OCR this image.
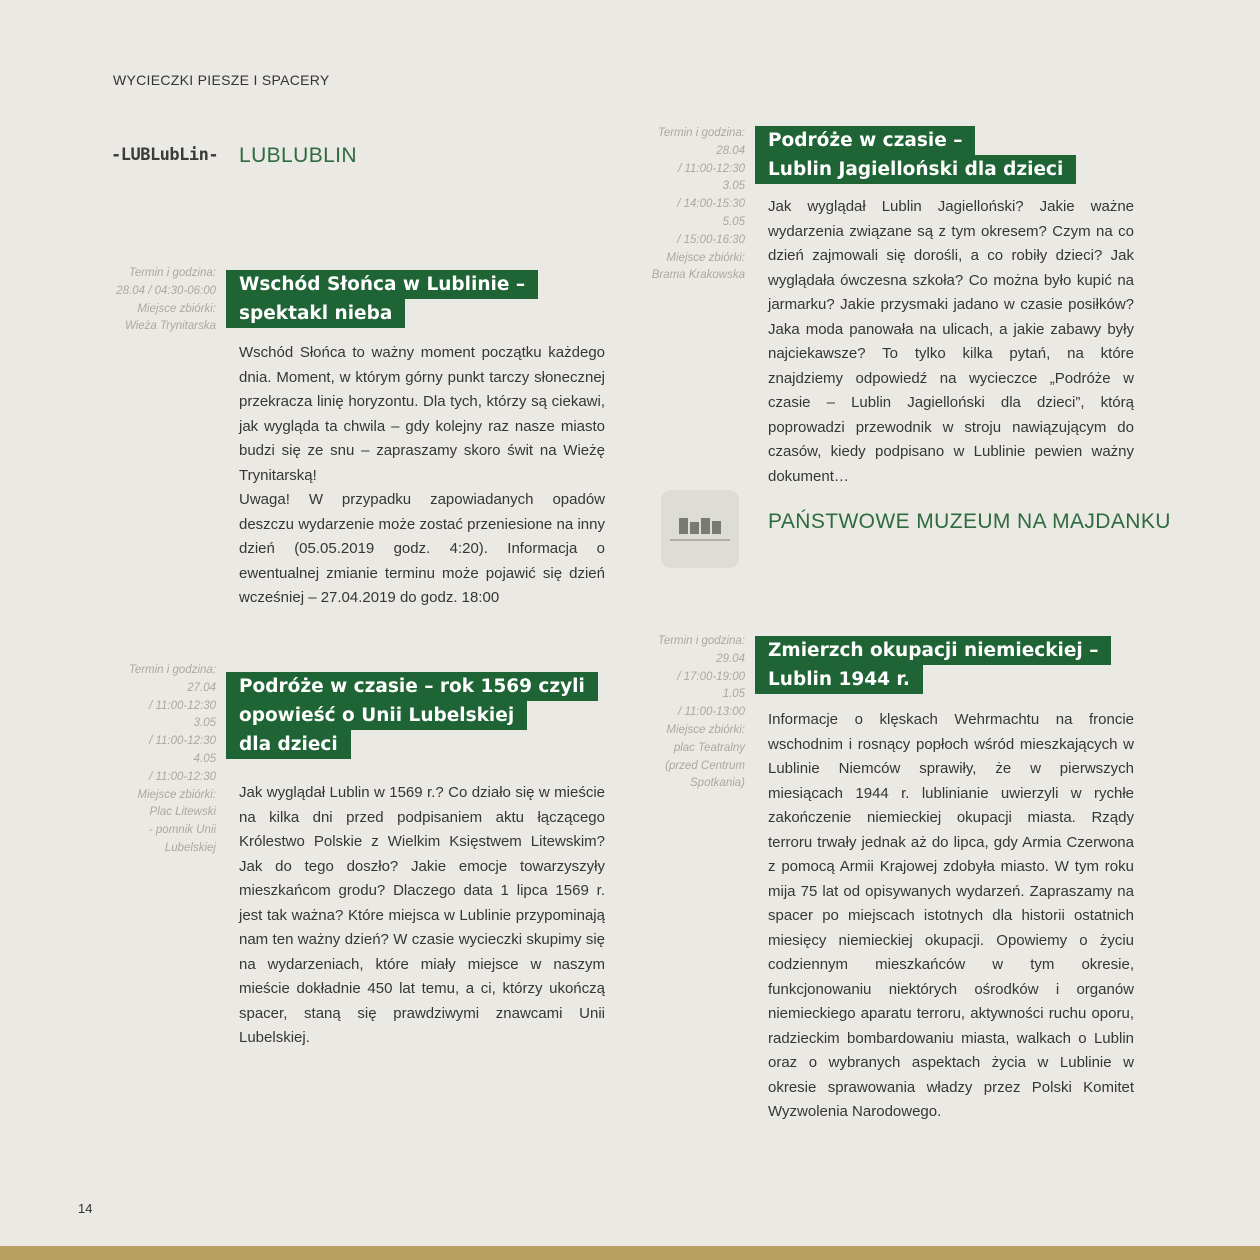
WYCIECZKI PIESZE I SPACERY
-LUBLubLin- LUBLUBLIN
Termin i godzina:
28.04 / 04:30-06:00
Miejsce zbiórki:
Wieża Trynitarska
Wschód Słońca w Lublinie –
spektakl nieba

Wschód Słońca to ważny moment początku każdego dnia. Moment, w którym górny punkt tarczy słonecznej przekracza linię horyzontu. Dla tych, którzy są ciekawi, jak wygląda ta chwila – gdy kolejny raz nasze miasto budzi się ze snu – zapraszamy skoro świt na Wieżę Trynitarską!

Uwaga! W przypadku zapowiadanych opadów deszczu wydarzenie może zostać przeniesione na inny dzień (05.05.2019 godz. 4:20). Informacja o ewentualnej zmianie terminu może pojawić się dzień wcześniej – 27.04.2019 do godz. 18:00

Termin i godzina:
27.04
/ 11:00-12:30
3.05
/ 11:00-12:30
4.05
/ 11:00-12:30
Miejsce zbiórki:
Plac Litewski
- pomnik Unii
Lubelskiej
Podróże w czasie – rok 1569 czyli
opowieść o Unii Lubelskiej
dla dzieci

Jak wyglądał Lublin w 1569 r.? Co działo się w mieście na kilka dni przed podpisaniem aktu łączącego Królestwo Polskie z Wielkim Księstwem Litewskim? Jak do tego doszło? Jakie emocje towarzyszyły mieszkańcom grodu? Dlaczego data 1 lipca 1569 r. jest tak ważna? Które miejsca w Lublinie przypominają nam ten ważny dzień? W czasie wycieczki skupimy się na wydarzeniach, które miały miejsce w naszym mieście dokładnie 450 lat temu, a ci, którzy ukończą spacer, staną się prawdziwymi znawcami Unii Lubelskiej.

Termin i godzina:
28.04
/ 11:00-12:30
3.05
/ 14:00-15:30
5.05
/ 15:00-16:30
Miejsce zbiórki:
Brama Krakowska
Podróże w czasie –
Lublin Jagielloński dla dzieci

Jak wyglądał Lublin Jagielloński? Jakie ważne wydarzenia związane są z tym okresem? Czym na co dzień zajmowali się dorośli, a co robiły dzieci? Jak wyglądała ówczesna szkoła? Co można było kupić na jarmarku? Jakie przysmaki jadano w czasie posiłków? Jaka moda panowała na ulicach, a jakie zabawy były najciekawsze? To tylko kilka pytań, na które znajdziemy odpowiedź na wycieczce „Podróże w czasie – Lublin Jagielloński dla dzieci”, którą poprowadzi przewodnik w stroju nawiązującym do czasów, kiedy podpisano w Lublinie pewien ważny dokument…

PAŃSTWOWE MUZEUM NA MAJDANKU
Termin i godzina:
29.04
/ 17:00-19:00
1.05
/ 11:00-13:00
Miejsce zbiórki:
plac Teatralny
(przed Centrum
Spotkania)
Zmierzch okupacji niemieckiej –
Lublin 1944 r.

Informacje o klęskach Wehrmachtu na froncie wschodnim i rosnący popłoch wśród mieszkających w Lublinie Niemców sprawiły, że w pierwszych miesiącach 1944 r. lublinianie uwierzyli w rychłe zakończenie niemieckiej okupacji miasta. Rządy terroru trwały jednak aż do lipca, gdy Armia Czerwona z pomocą Armii Krajowej zdobyła miasto. W tym roku mija 75 lat od opisywanych wydarzeń. Zapraszamy na spacer po miejscach istotnych dla historii ostatnich miesięcy niemieckiej okupacji. Opowiemy o życiu codziennym mieszkańców w tym okresie, funkcjonowaniu niektórych ośrodków i organów niemieckiego aparatu terroru, aktywności ruchu oporu, radzieckim bombardowaniu miasta, walkach o Lublin oraz o wybranych aspektach życia w Lublinie w okresie sprawowania władzy przez Polski Komitet Wyzwolenia Narodowego.

14
